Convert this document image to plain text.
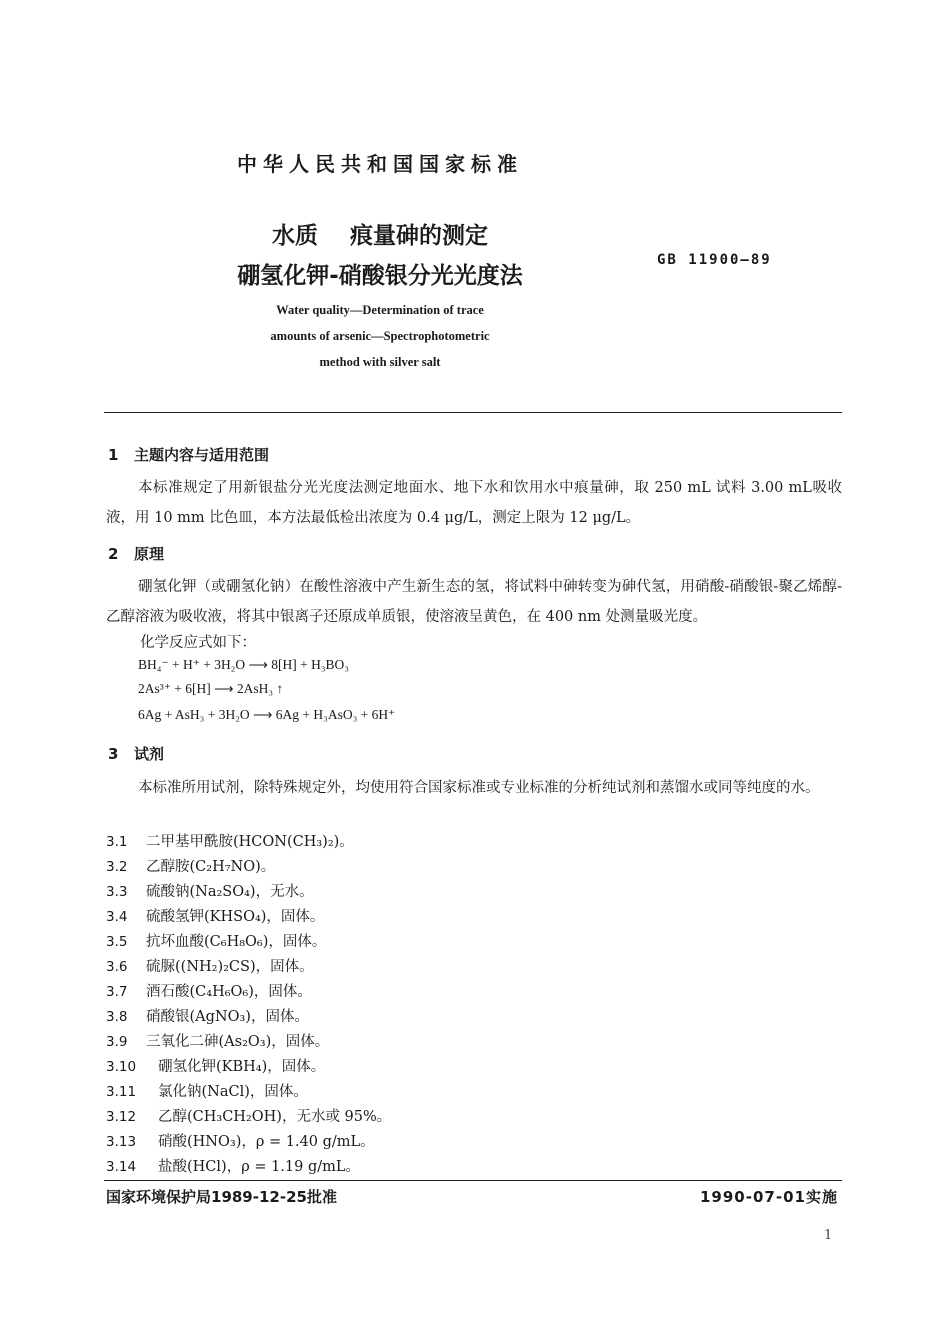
中华人民共和国国家标准
水质    痕量砷的测定
硼氢化钾-硝酸银分光光度法
GB 11900—89
Water quality—Determination of trace
amounts of arsenic—Spectrophotometric
method with silver salt
1 主题内容与适用范围

本标准规定了用新银盐分光光度法测定地面水、地下水和饮用水中痕量砷，取 250 mL 试料 3.00 mL吸收液，用 10 mm 比色皿，本方法最低检出浓度为 0.4 μg/L，测定上限为 12 μg/L。

2 原理

硼氢化钾（或硼氢化钠）在酸性溶液中产生新生态的氢，将试料中砷转变为砷代氢，用硝酸-硝酸银-聚乙烯醇-乙醇溶液为吸收液，将其中银离子还原成单质银，使溶液呈黄色，在 400 nm 处测量吸光度。

化学反应式如下：
BH₄⁻ + H⁺ + 3H₂O ⟶ 8[H] + H₃BO₃
2As³⁺ + 6[H] ⟶ 2AsH₃ ↑
6Ag + AsH₃ + 3H₂O ⟶ 6Ag + H₃AsO₃ + 6H⁺
3 试剂

本标准所用试剂，除特殊规定外，均使用符合国家标准或专业标准的分析纯试剂和蒸馏水或同等纯度的水。

3.1 二甲基甲酰胺(HCON(CH₃)₂)。
3.2 乙醇胺(C₂H₇NO)。
3.3 硫酸钠(Na₂SO₄)，无水。
3.4 硫酸氢钾(KHSO₄)，固体。
3.5 抗坏血酸(C₆H₈O₆)，固体。
3.6 硫脲((NH₂)₂CS)，固体。
3.7 酒石酸(C₄H₆O₆)，固体。
3.8 硝酸银(AgNO₃)，固体。
3.9 三氧化二砷(As₂O₃)，固体。
3.10 硼氢化钾(KBH₄)，固体。
3.11 氯化钠(NaCl)，固体。
3.12 乙醇(CH₃CH₂OH)，无水或 95%。
3.13 硝酸(HNO₃)，ρ = 1.40 g/mL。
3.14 盐酸(HCl)，ρ = 1.19 g/mL。
国家环境保护局1989-12-25批准	1990-07-01实施
1
